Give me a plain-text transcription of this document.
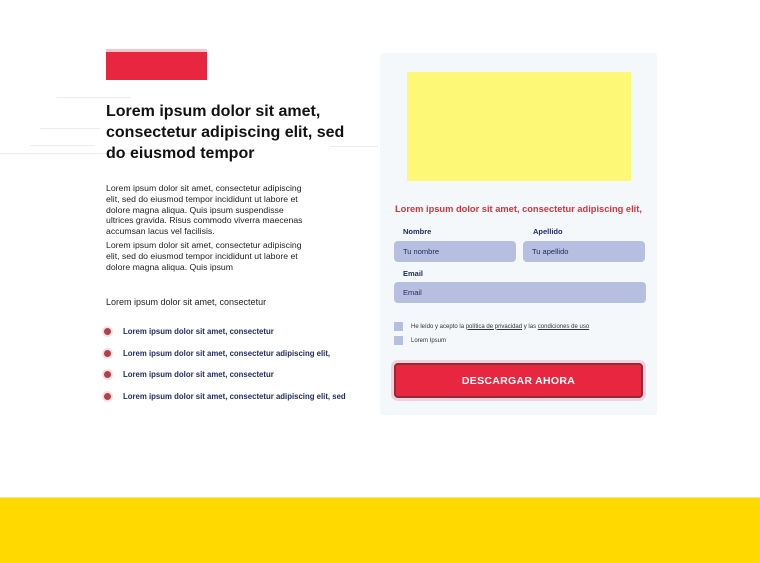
Lorem ipsum dolor sit amet, consectetur adipiscing elit, sed do eiusmod tempor

Lorem ipsum dolor sit amet, consectetur adipiscing elit, sed do eiusmod tempor incididunt ut labore et dolore magna aliqua. Quis ipsum suspendisse ultrices gravida. Risus commodo viverra maecenas accumsan lacus vel facilisis.

Lorem ipsum dolor sit amet, consectetur adipiscing elit, sed do eiusmod tempor incididunt ut labore et dolore magna aliqua. Quis ipsum

Lorem ipsum dolor sit amet, consectetur

Lorem ipsum dolor sit amet, consectetur
Lorem ipsum dolor sit amet, consectetur adipiscing elit,
Lorem ipsum dolor sit amet, consectetur
Lorem ipsum dolor sit amet, consectetur adipiscing elit, sed
Lorem ipsum dolor sit amet, consectetur adipiscing elit,
Nombre
Tu nombre	Apellido
Tu apellido
Email
Email
He leído y acepto la política de privacidad y las condiciones de uso
Lorem Ipsum
DESCARGAR AHORA
